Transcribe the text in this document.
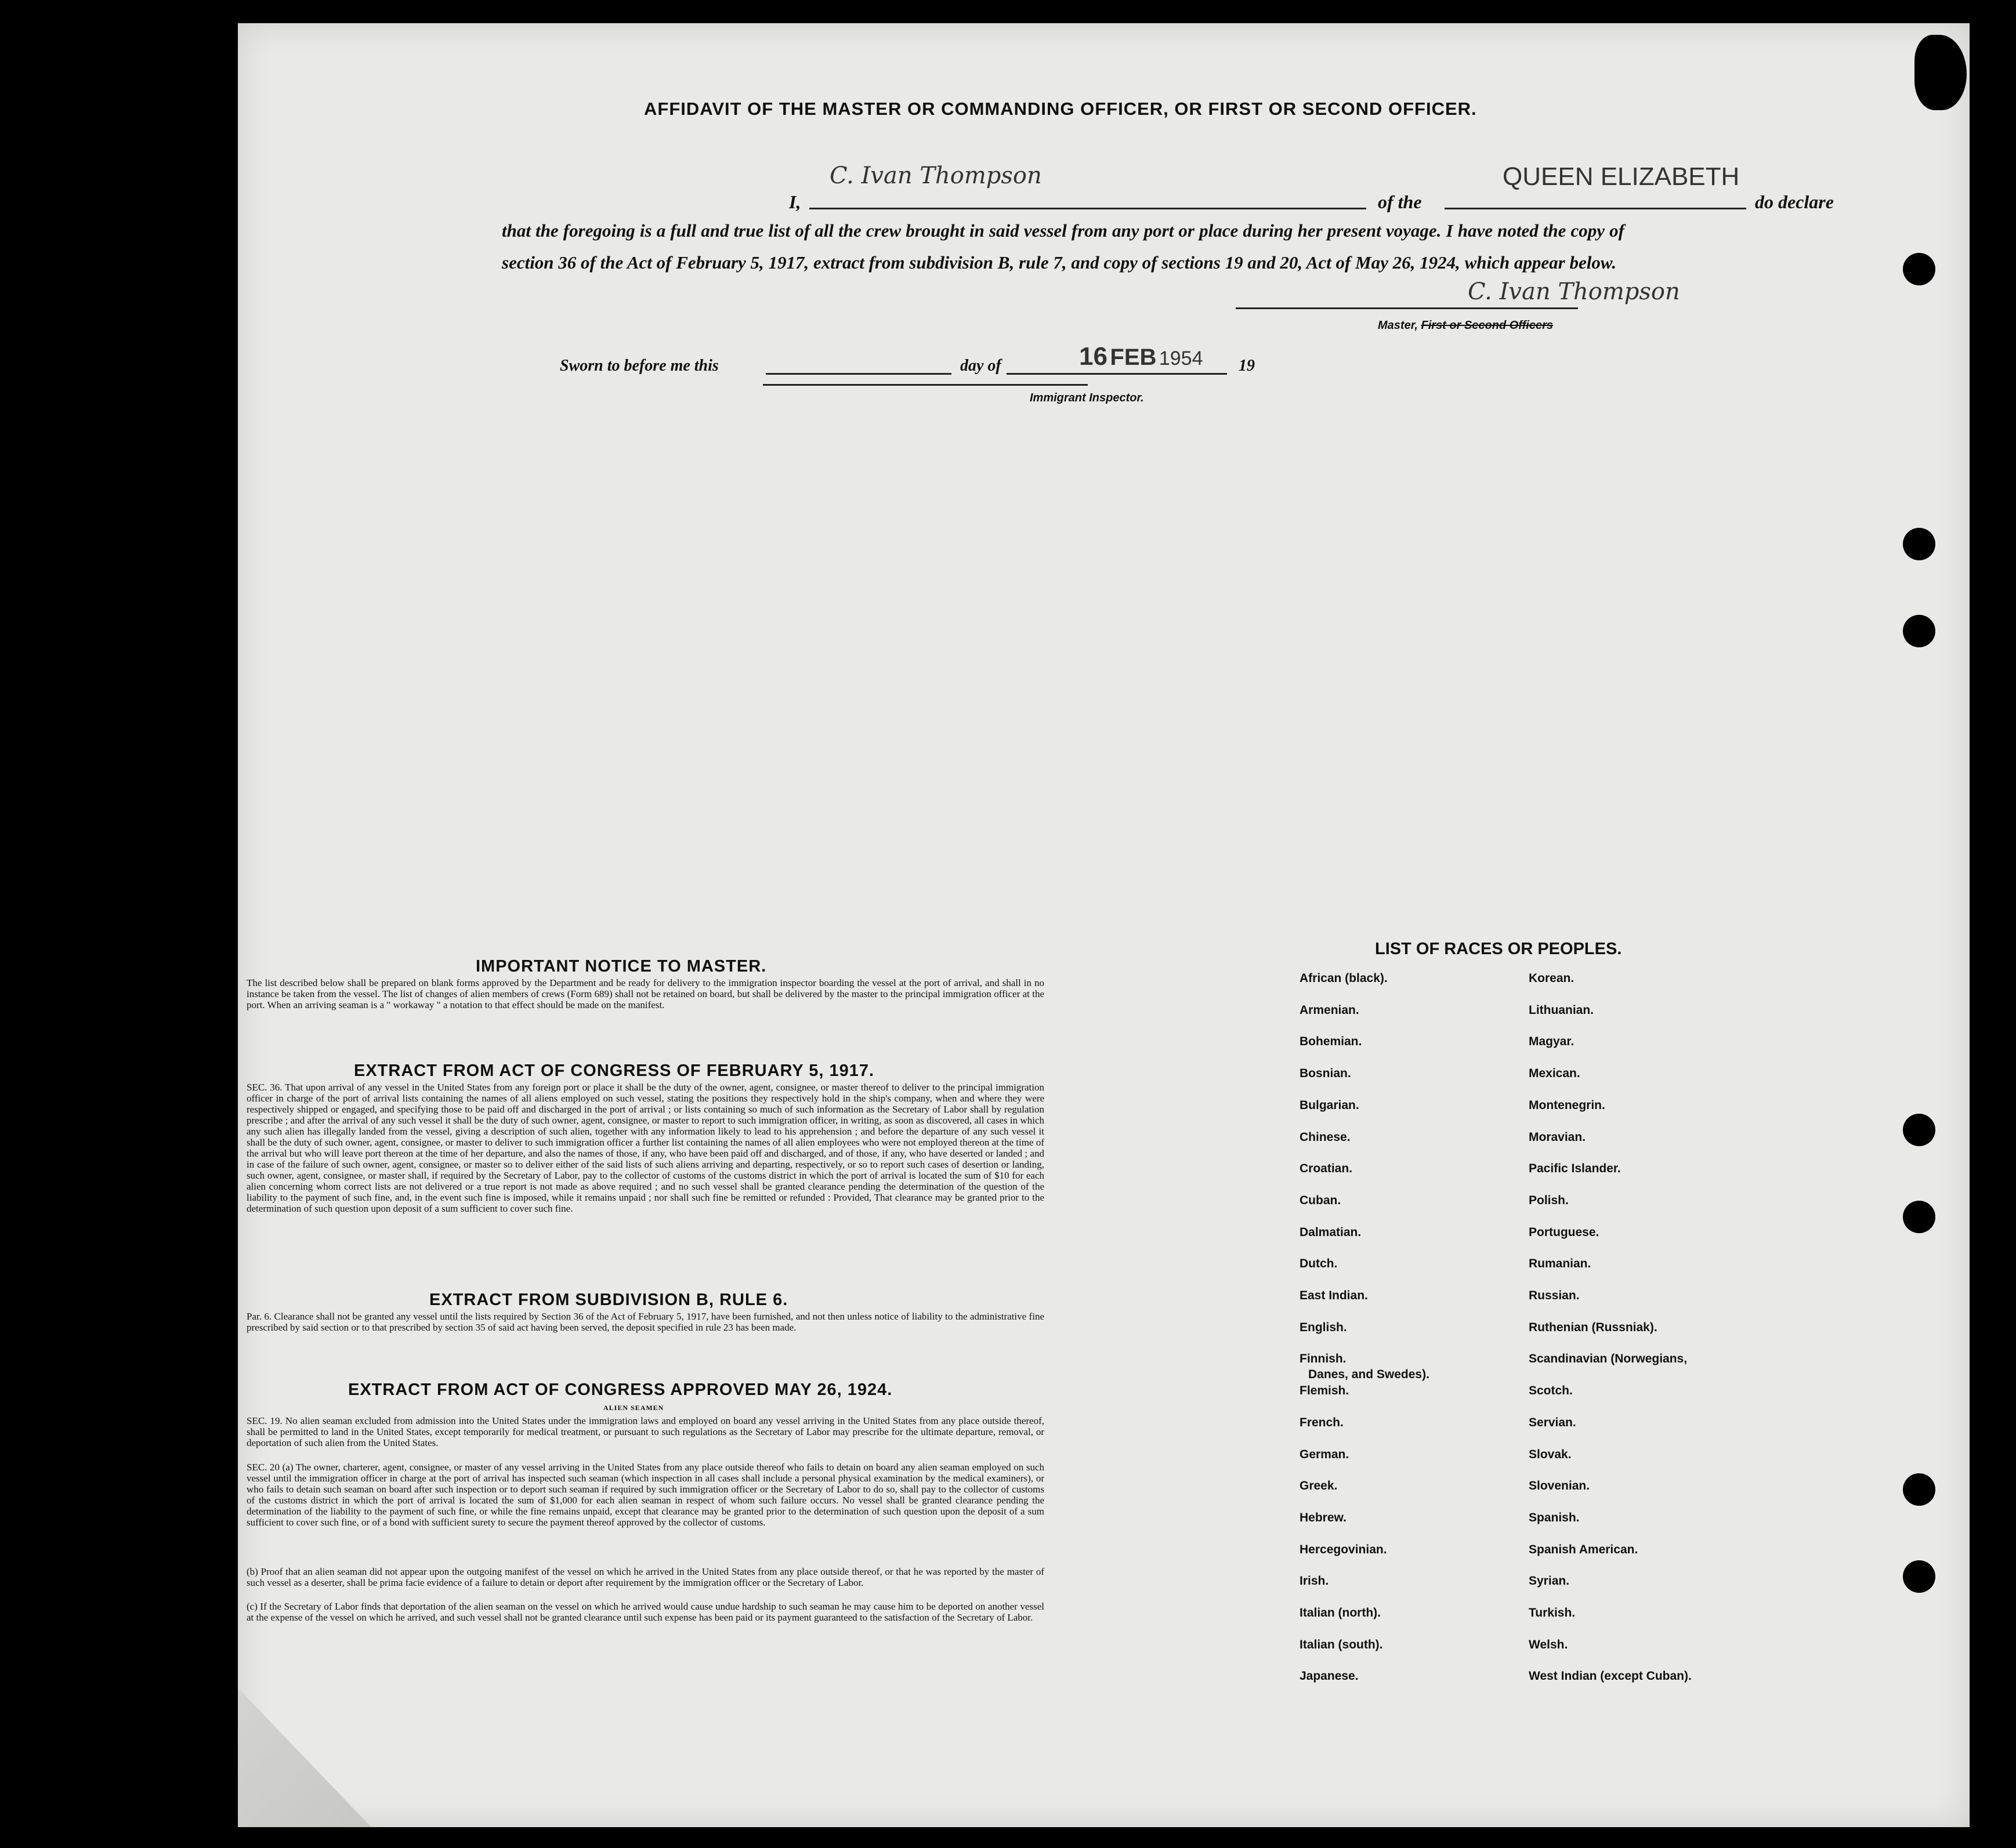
AFFIDAVIT OF THE MASTER OR COMMANDING OFFICER, OR FIRST OR SECOND OFFICER.
I,
C. Ivan Thompson
of the
QUEEN ELIZABETH
do declare
that the foregoing is a full and true list of all the crew brought in said vessel from any port or place during her present voyage. I have noted the copy of section 36 of the Act of February 5, 1917, extract from subdivision B, rule 7, and copy of sections 19 and 20, Act of May 26, 1924, which appear below.
C. Ivan Thompson
Master, First or Second Officers
Sworn to before me this	day of	16 FEB 1954 19
Immigrant Inspector.
IMPORTANT NOTICE TO MASTER.
The list described below shall be prepared on blank forms approved by the Department and be ready for delivery to the immigration inspector boarding the vessel at the port of arrival, and shall in no instance be taken from the vessel. The list of changes of alien members of crews (Form 689) shall not be retained on board, but shall be delivered by the master to the principal immigration officer at the port. When an arriving seaman is a " workaway " a notation to that effect should be made on the manifest.
EXTRACT FROM ACT OF CONGRESS OF FEBRUARY 5, 1917.
SEC. 36. That upon arrival of any vessel in the United States from any foreign port or place it shall be the duty of the owner, agent, consignee, or master thereof to deliver to the principal immigration officer in charge of the port of arrival lists containing the names of all aliens employed on such vessel, stating the positions they respectively hold in the ship's company, when and where they were respectively shipped or engaged, and specifying those to be paid off and discharged in the port of arrival ; or lists containing so much of such information as the Secretary of Labor shall by regulation prescribe ; and after the arrival of any such vessel it shall be the duty of such owner, agent, consignee, or master to report to such immigration officer, in writing, as soon as discovered, all cases in which any such alien has illegally landed from the vessel, giving a description of such alien, together with any information likely to lead to his apprehension ; and before the departure of any such vessel it shall be the duty of such owner, agent, consignee, or master to deliver to such immigration officer a further list containing the names of all alien employees who were not employed thereon at the time of the arrival but who will leave port thereon at the time of her departure, and also the names of those, if any, who have been paid off and discharged, and of those, if any, who have deserted or landed ; and in case of the failure of such owner, agent, consignee, or master so to deliver either of the said lists of such aliens arriving and departing, respectively, or so to report such cases of desertion or landing, such owner, agent, consignee, or master shall, if required by the Secretary of Labor, pay to the collector of customs of the customs district in which the port of arrival is located the sum of $10 for each alien concerning whom correct lists are not delivered or a true report is not made as above required ; and no such vessel shall be granted clearance pending the determination of the question of the liability to the payment of such fine, and, in the event such fine is imposed, while it remains unpaid ; nor shall such fine be remitted or refunded : Provided, That clearance may be granted prior to the determination of such question upon deposit of a sum sufficient to cover such fine.
EXTRACT FROM SUBDIVISION B, RULE 6.
Par. 6. Clearance shall not be granted any vessel until the lists required by Section 36 of the Act of February 5, 1917, have been furnished, and not then unless notice of liability to the administrative fine prescribed by said section or to that prescribed by section 35 of said act having been served, the deposit specified in rule 23 has been made.
EXTRACT FROM ACT OF CONGRESS APPROVED MAY 26, 1924.
ALIEN SEAMEN
SEC. 19. No alien seaman excluded from admission into the United States under the immigration laws and employed on board any vessel arriving in the United States from any place outside thereof, shall be permitted to land in the United States, except temporarily for medical treatment, or pursuant to such regulations as the Secretary of Labor may prescribe for the ultimate departure, removal, or deportation of such alien from the United States.
SEC. 20 (a) The owner, charterer, agent, consignee, or master of any vessel arriving in the United States from any place outside thereof who fails to detain on board any alien seaman employed on such vessel until the immigration officer in charge at the port of arrival has inspected such seaman (which inspection in all cases shall include a personal physical examination by the medical examiners), or who fails to detain such seaman on board after such inspection or to deport such seaman if required by such immigration officer or the Secretary of Labor to do so, shall pay to the collector of customs of the customs district in which the port of arrival is located the sum of $1,000 for each alien seaman in respect of whom such failure occurs. No vessel shall be granted clearance pending the determination of the liability to the payment of such fine, or while the fine remains unpaid, except that clearance may be granted prior to the determination of such question upon the deposit of a sum sufficient to cover such fine, or of a bond with sufficient surety to secure the payment thereof approved by the collector of customs.
(b) Proof that an alien seaman did not appear upon the outgoing manifest of the vessel on which he arrived in the United States from any place outside thereof, or that he was reported by the master of such vessel as a deserter, shall be prima facie evidence of a failure to detain or deport after requirement by the immigration officer or the Secretary of Labor.
(c) If the Secretary of Labor finds that deportation of the alien seaman on the vessel on which he arrived would cause undue hardship to such seaman he may cause him to be deported on another vessel at the expense of the vessel on which he arrived, and such vessel shall not be granted clearance until such expense has been paid or its payment guaranteed to the satisfaction of the Secretary of Labor.
LIST OF RACES OR PEOPLES.
Danes, and Swedes).
African (black).
Armenian.
Bohemian.
Bosnian.
Bulgarian.
Chinese.
Croatian.
Cuban.
Dalmatian.
Dutch.
East Indian.
English.
Finnish.
Flemish.
French.
German.
Greek.
Hebrew.
Hercegovinian.
Irish.
Italian (north).
Italian (south).
Japanese.
Korean.
Lithuanian.
Magyar.
Mexican.
Montenegrin.
Moravian.
Pacific Islander.
Polish.
Portuguese.
Rumanian.
Russian.
Ruthenian (Russniak).
Scandinavian (Norwegians,
Scotch.
Servian.
Slovak.
Slovenian.
Spanish.
Spanish American.
Syrian.
Turkish.
Welsh.
West Indian (except Cuban).
